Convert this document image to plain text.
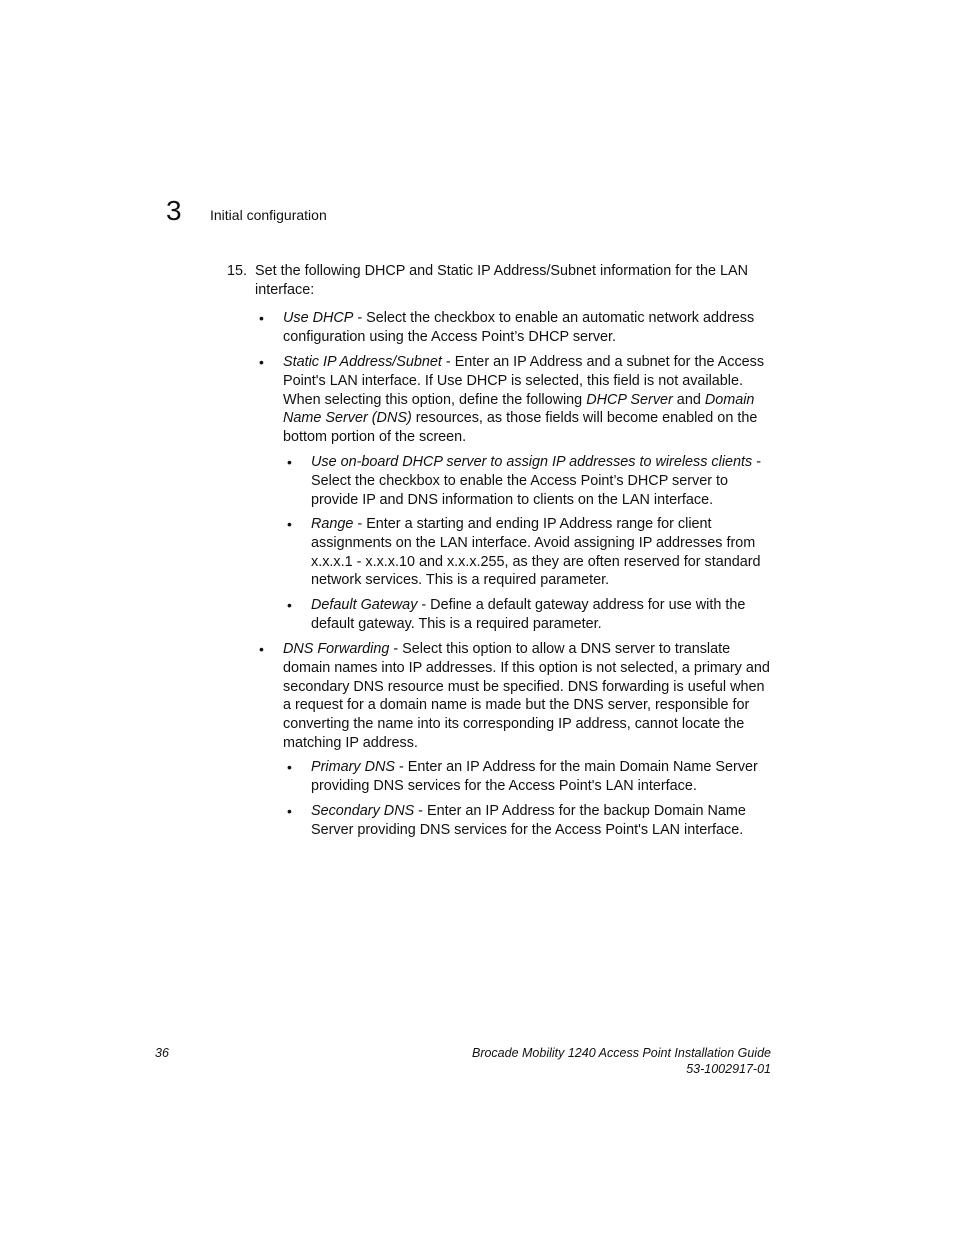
3 Initial configuration
15. Set the following DHCP and Static IP Address/Subnet information for the LAN interface:
• Use DHCP - Select the checkbox to enable an automatic network address configuration using the Access Point’s DHCP server.
• Static IP Address/Subnet - Enter an IP Address and a subnet for the Access Point's LAN interface. If Use DHCP is selected, this field is not available. When selecting this option, define the following DHCP Server and Domain Name Server (DNS) resources, as those fields will become enabled on the bottom portion of the screen.
• Use on-board DHCP server to assign IP addresses to wireless clients -Select the checkbox to enable the Access Point’s DHCP server to provide IP and DNS information to clients on the LAN interface.
• Range - Enter a starting and ending IP Address range for client assignments on the LAN interface. Avoid assigning IP addresses from x.x.x.1 - x.x.x.10 and x.x.x.255, as they are often reserved for standard network services. This is a required parameter.
• Default Gateway - Define a default gateway address for use with the default gateway. This is a required parameter.
• DNS Forwarding - Select this option to allow a DNS server to translate domain names into IP addresses. If this option is not selected, a primary and secondary DNS resource must be specified. DNS forwarding is useful when a request for a domain name is made but the DNS server, responsible for converting the name into its corresponding IP address, cannot locate the matching IP address.
• Primary DNS - Enter an IP Address for the main Domain Name Server providing DNS services for the Access Point's LAN interface.
• Secondary DNS - Enter an IP Address for the backup Domain Name Server providing DNS services for the Access Point's LAN interface.
36	Brocade Mobility 1240 Access Point Installation Guide
53-1002917-01
